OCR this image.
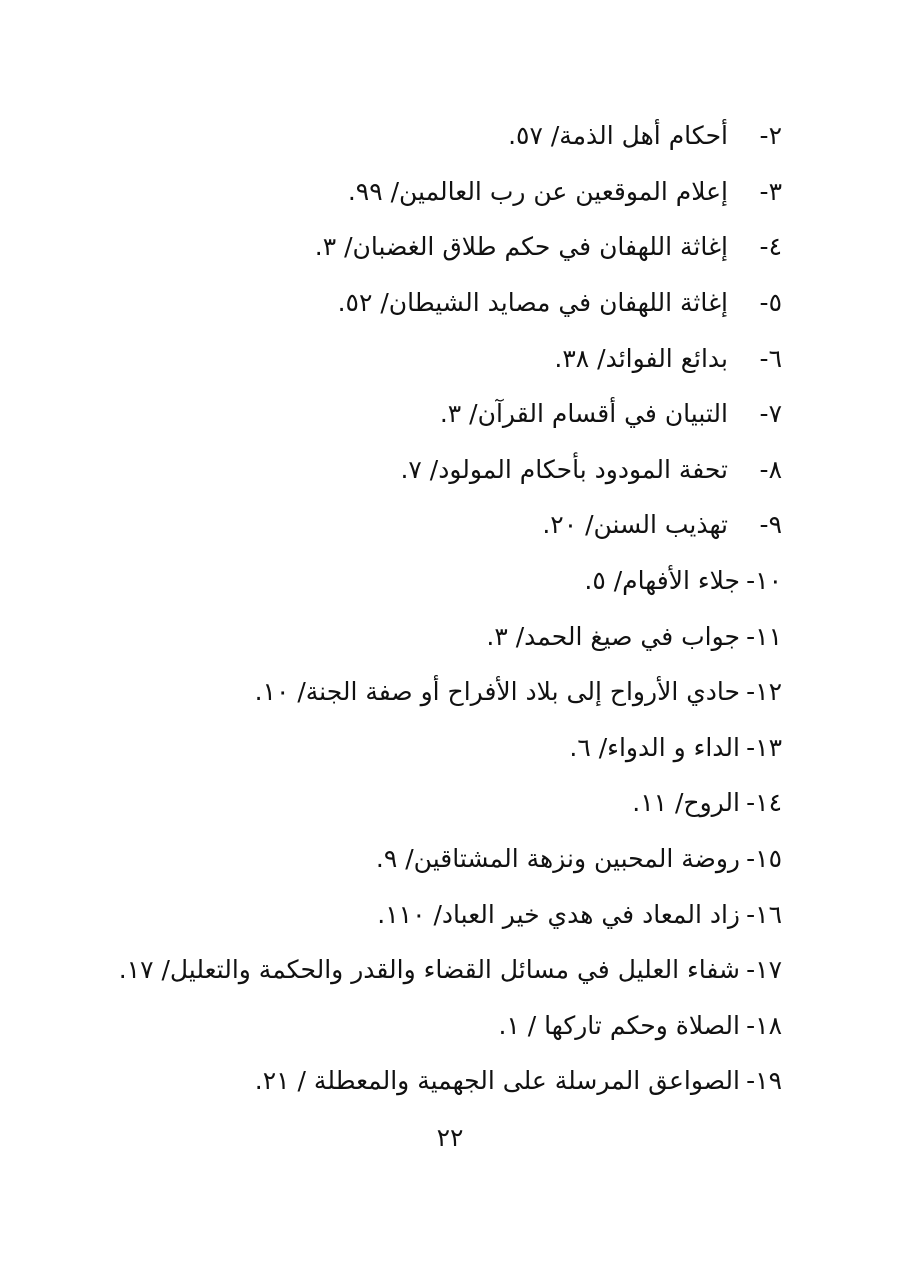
٢-
أحكام أهل الذمة/ ٥٧.
٣-
إعلام الموقعين عن رب العالمين/ ٩٩.
٤-
إغاثة اللهفان في حكم طلاق الغضبان/ ٣.
٥-
إغاثة اللهفان في مصايد الشيطان/ ٥٢.
٦-
بدائع الفوائد/ ٣٨.
٧-
التبيان في أقسام القرآن/ ٣.
٨-
تحفة المودود بأحكام المولود/ ٧.
٩-
تهذيب السنن/ ٢٠.
١٠-
جلاء الأفهام/ ٥.
١١-
جواب في صيغ الحمد/ ٣.
١٢-
حادي الأرواح إلى بلاد الأفراح أو صفة الجنة/ ١٠.
١٣-
الداء و الدواء/ ٦.
١٤-
الروح/ ١١.
١٥-
روضة المحبين ونزهة المشتاقين/ ٩.
١٦-
زاد المعاد في هدي خير العباد/ ١١٠.
١٧-
شفاء العليل في مسائل القضاء والقدر والحكمة والتعليل/ ١٧.
١٨-
الصلاة وحكم تاركها / ١.
١٩-
الصواعق المرسلة على الجهمية والمعطلة / ٢١.
٢٢
